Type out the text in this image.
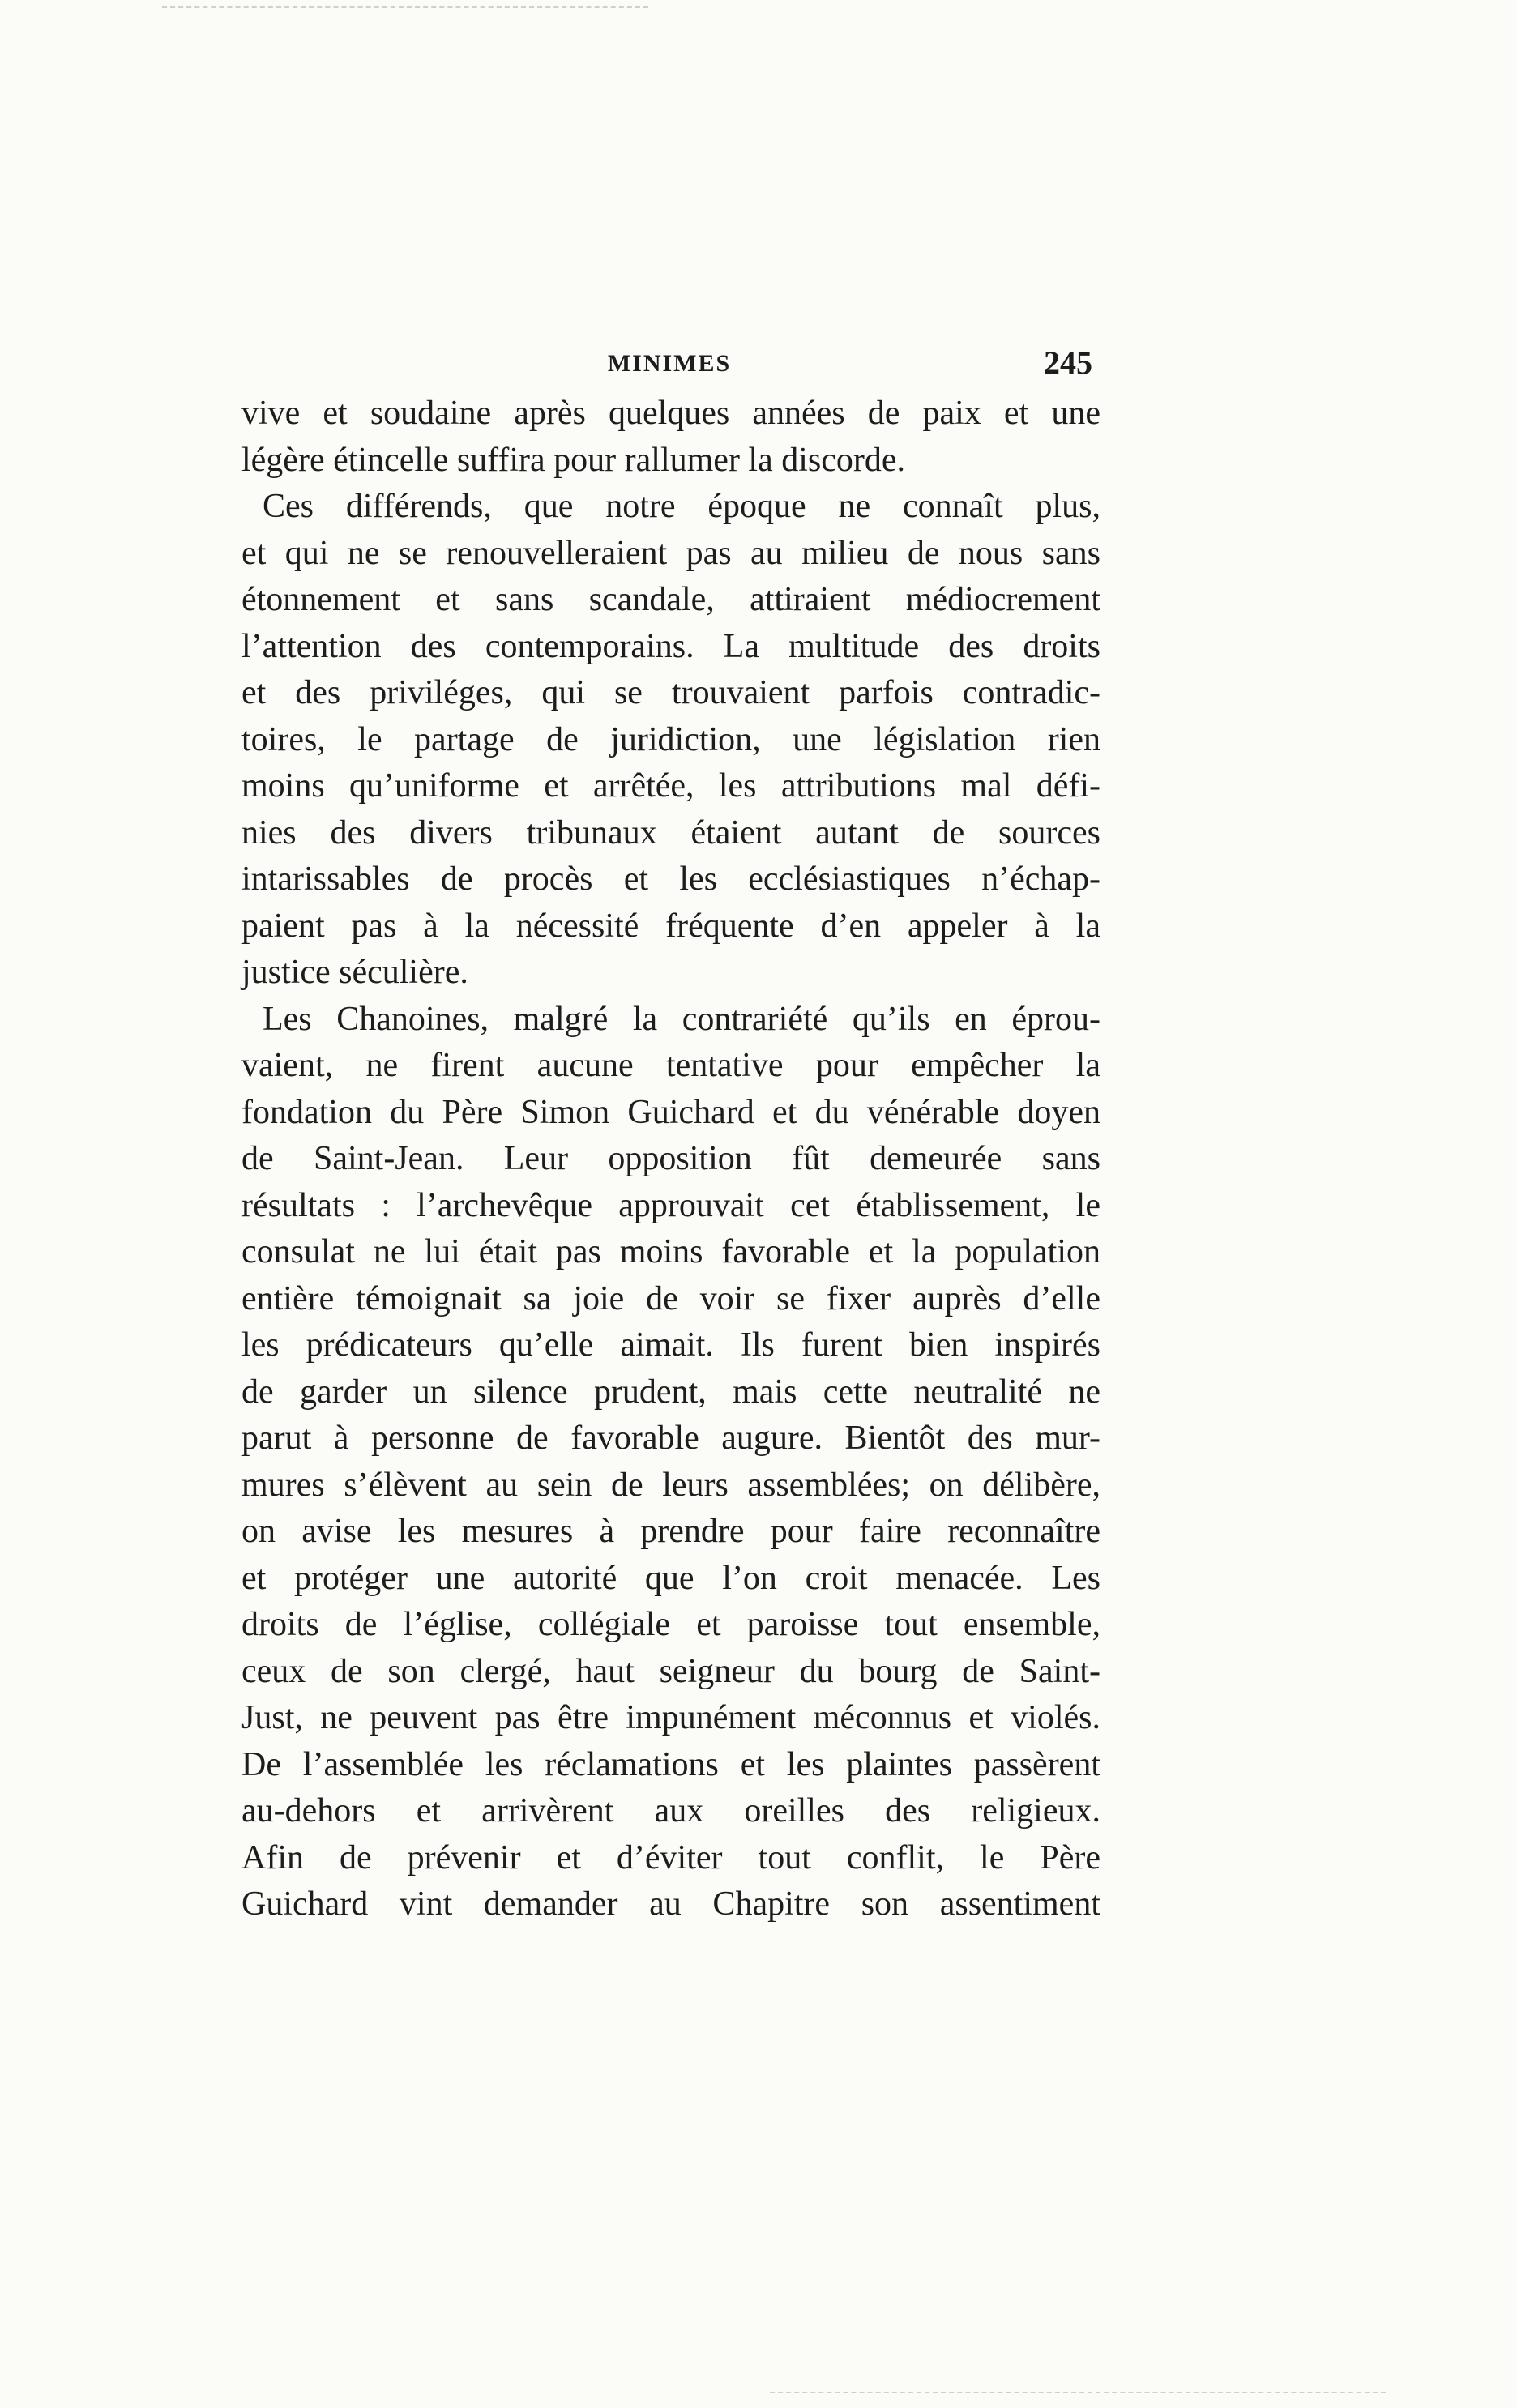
MINIMES	245
vive et soudaine après quelques années de paix et une
légère étincelle suffira pour rallumer la discorde.
Ces différends, que notre époque ne connaît plus,
et qui ne se renouvelleraient pas au milieu de nous sans
étonnement et sans scandale, attiraient médiocrement
l’attention des contemporains. La multitude des droits
et des priviléges, qui se trouvaient parfois contradic-
toires, le partage de juridiction, une législation rien
moins qu’uniforme et arrêtée, les attributions mal défi-
nies des divers tribunaux étaient autant de sources
intarissables de procès et les ecclésiastiques n’échap-
paient pas à la nécessité fréquente d’en appeler à la
justice séculière.
Les Chanoines, malgré la contrariété qu’ils en éprou-
vaient, ne firent aucune tentative pour empêcher la
fondation du Père Simon Guichard et du vénérable doyen
de Saint-Jean. Leur opposition fût demeurée sans
résultats : l’archevêque approuvait cet établissement, le
consulat ne lui était pas moins favorable et la population
entière témoignait sa joie de voir se fixer auprès d’elle
les prédicateurs qu’elle aimait. Ils furent bien inspirés
de garder un silence prudent, mais cette neutralité ne
parut à personne de favorable augure. Bientôt des mur-
mures s’élèvent au sein de leurs assemblées; on délibère,
on avise les mesures à prendre pour faire reconnaître
et protéger une autorité que l’on croit menacée. Les
droits de l’église, collégiale et paroisse tout ensemble,
ceux de son clergé, haut seigneur du bourg de Saint-
Just, ne peuvent pas être impunément méconnus et violés.
De l’assemblée les réclamations et les plaintes passèrent
au-dehors et arrivèrent aux oreilles des religieux.
Afin de prévenir et d’éviter tout conflit, le Père
Guichard vint demander au Chapitre son assentiment
